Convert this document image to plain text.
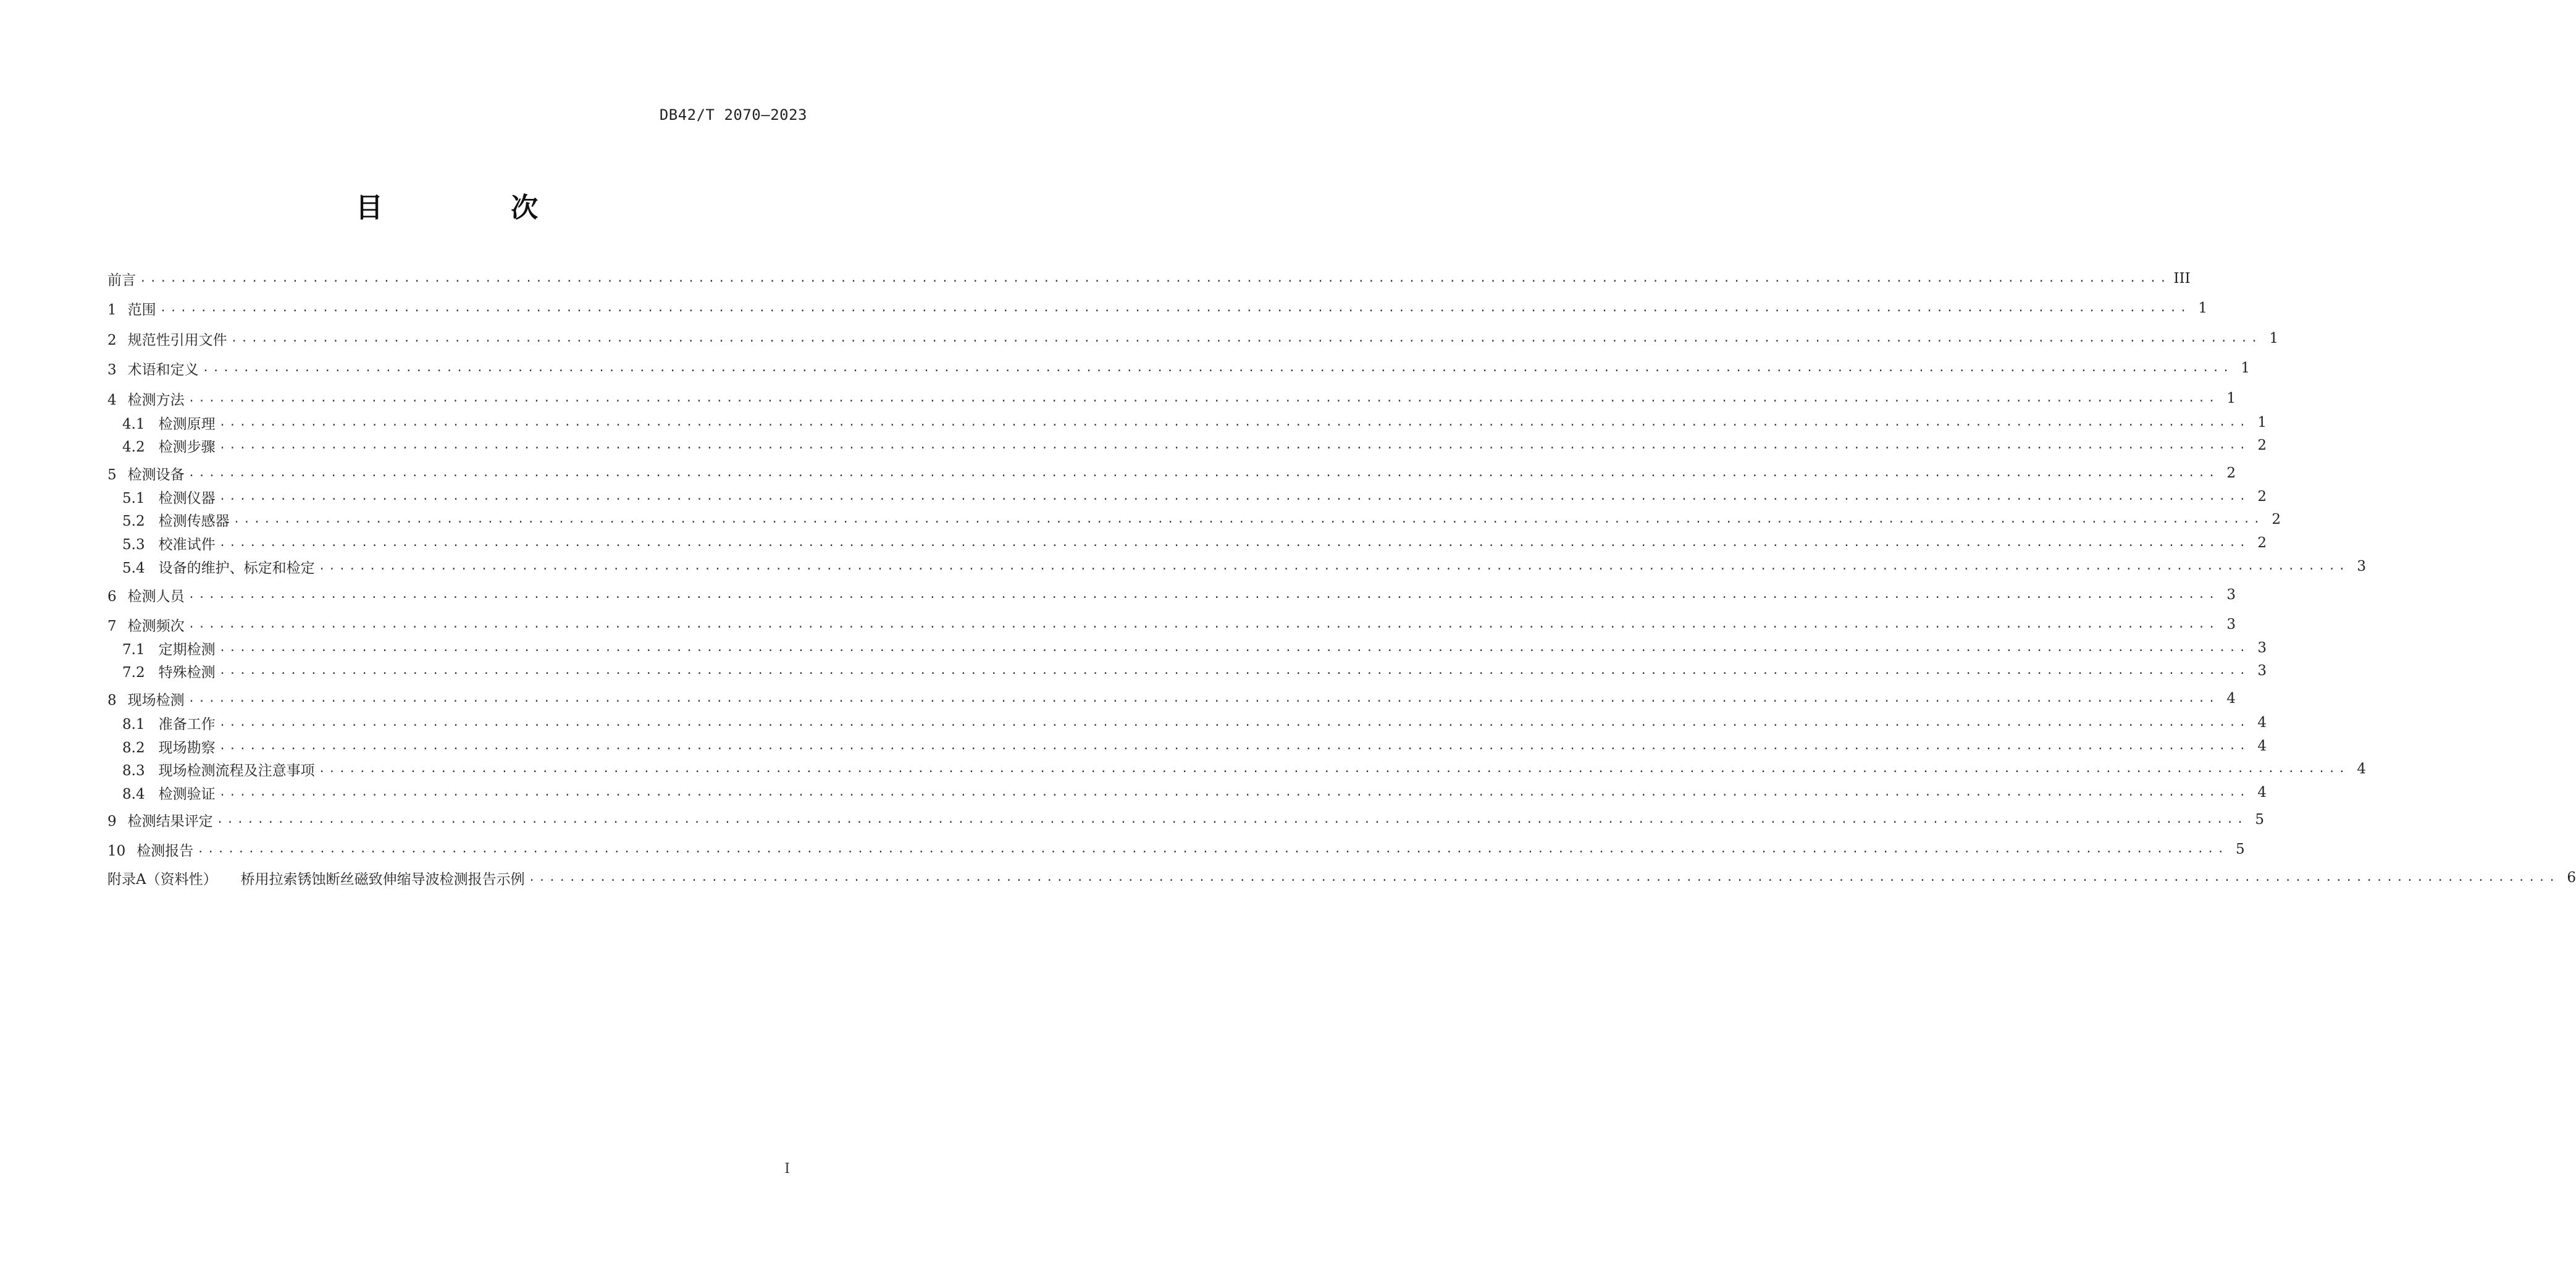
DB42/T 2070—2023
目 次
前言 ........................................................................................................................................................................................................ III
1 范围 ........................................................................................................................................................................................................ 1
2 规范性引用文件 ........................................................................................................................................................................................................ 1
3 术语和定义 ........................................................................................................................................................................................................ 1
4 检测方法 ........................................................................................................................................................................................................ 1
4.1 检测原理 ........................................................................................................................................................................................................ 1
4.2 检测步骤 ........................................................................................................................................................................................................ 2
5 检测设备 ........................................................................................................................................................................................................ 2
5.1 检测仪器 ........................................................................................................................................................................................................ 2
5.2 检测传感器 ........................................................................................................................................................................................................ 2
5.3 校准试件 ........................................................................................................................................................................................................ 2
5.4 设备的维护、标定和检定 ........................................................................................................................................................................................................ 3
6 检测人员 ........................................................................................................................................................................................................ 3
7 检测频次 ........................................................................................................................................................................................................ 3
7.1 定期检测 ........................................................................................................................................................................................................ 3
7.2 特殊检测 ........................................................................................................................................................................................................ 3
8 现场检测 ........................................................................................................................................................................................................ 4
8.1 准备工作 ........................................................................................................................................................................................................ 4
8.2 现场勘察 ........................................................................................................................................................................................................ 4
8.3 现场检测流程及注意事项 ........................................................................................................................................................................................................ 4
8.4 检测验证 ........................................................................................................................................................................................................ 4
9 检测结果评定 ........................................................................................................................................................................................................ 5
10 检测报告 ........................................................................................................................................................................................................ 5
附录A（资料性） 桥用拉索锈蚀断丝磁致伸缩导波检测报告示例 ........................................................................................................................................................................................................ 6
I
